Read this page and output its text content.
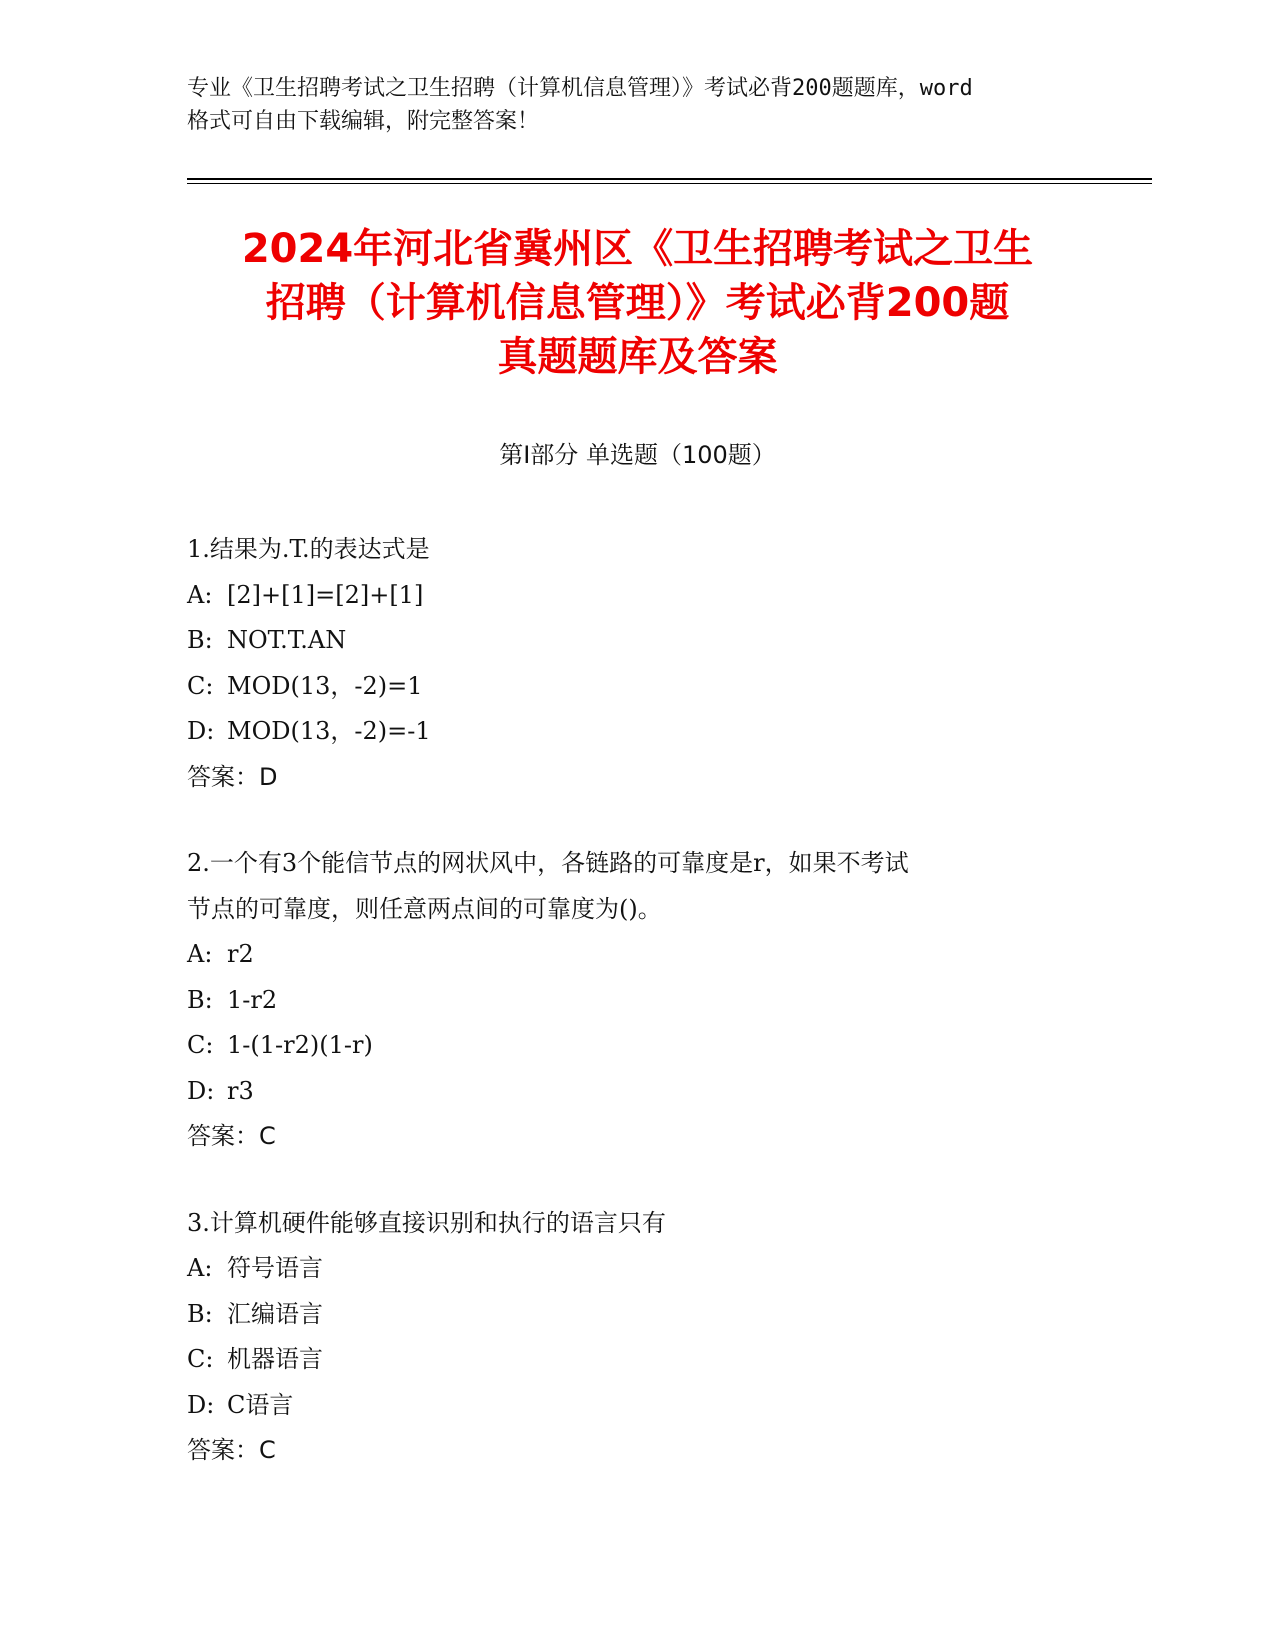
专业《卫生招聘考试之卫生招聘（计算机信息管理）》考试必背200题题库，word
格式可自由下载编辑，附完整答案！
2024年河北省冀州区《卫生招聘考试之卫生
招聘（计算机信息管理）》考试必背200题
真题题库及答案
第I部分 单选题（100题）
1.结果为.T.的表达式是
A: [2]+[1]=[2]+[1]
B: NOT.T.AN
C: MOD(13，-2)=1
D: MOD(13，-2)=-1
答案：D
2.一个有3个能信节点的网状风中，各链路的可靠度是r，如果不考试
节点的可靠度，则任意两点间的可靠度为()。
A: r2
B: 1-r2
C: 1-(1-r2)(1-r)
D: r3
答案：C
3.计算机硬件能够直接识别和执行的语言只有
A: 符号语言
B: 汇编语言
C: 机器语言
D: C语言
答案：C
